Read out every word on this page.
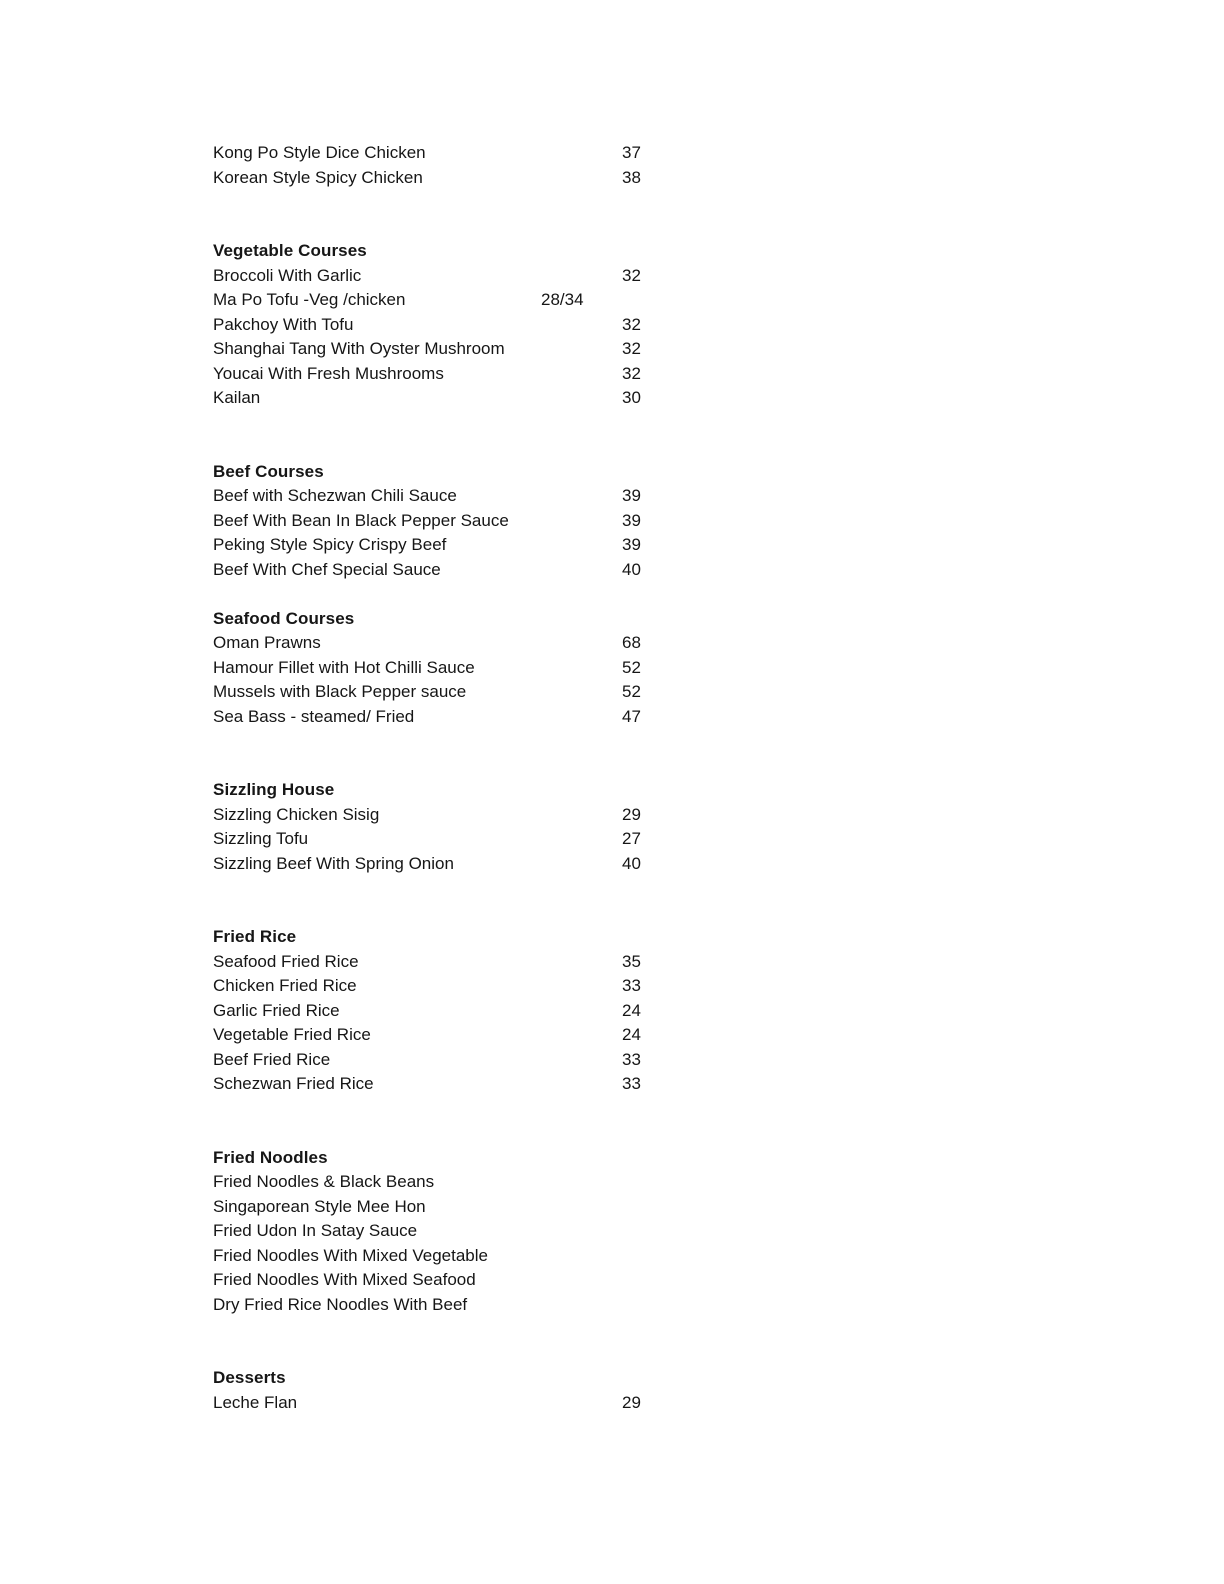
Kong Po Style Dice Chicken	37
Korean Style Spicy Chicken	38
Vegetable Courses
Broccoli With Garlic	32
Ma Po Tofu -Veg /chicken	28/34
Pakchoy With Tofu	32
Shanghai Tang With Oyster Mushroom	32
Youcai With Fresh Mushrooms	32
Kailan	30
Beef Courses
Beef with Schezwan Chili Sauce	39
Beef With Bean In Black Pepper Sauce	39
Peking Style Spicy Crispy Beef	39
Beef With Chef Special Sauce	40
Seafood Courses
Oman Prawns	68
Hamour Fillet with Hot Chilli Sauce	52
Mussels with Black Pepper sauce	52
Sea Bass - steamed/ Fried	47
Sizzling House
Sizzling Chicken Sisig	29
Sizzling Tofu	27
Sizzling Beef With Spring Onion	40
Fried Rice
Seafood Fried Rice	35
Chicken Fried Rice	33
Garlic Fried Rice	24
Vegetable Fried Rice	24
Beef Fried Rice	33
Schezwan Fried Rice	33
Fried Noodles
Fried Noodles & Black Beans
Singaporean Style Mee Hon
Fried Udon In Satay Sauce
Fried Noodles With Mixed Vegetable
Fried Noodles With Mixed Seafood
Dry Fried Rice Noodles With Beef
Desserts
Leche Flan	29
